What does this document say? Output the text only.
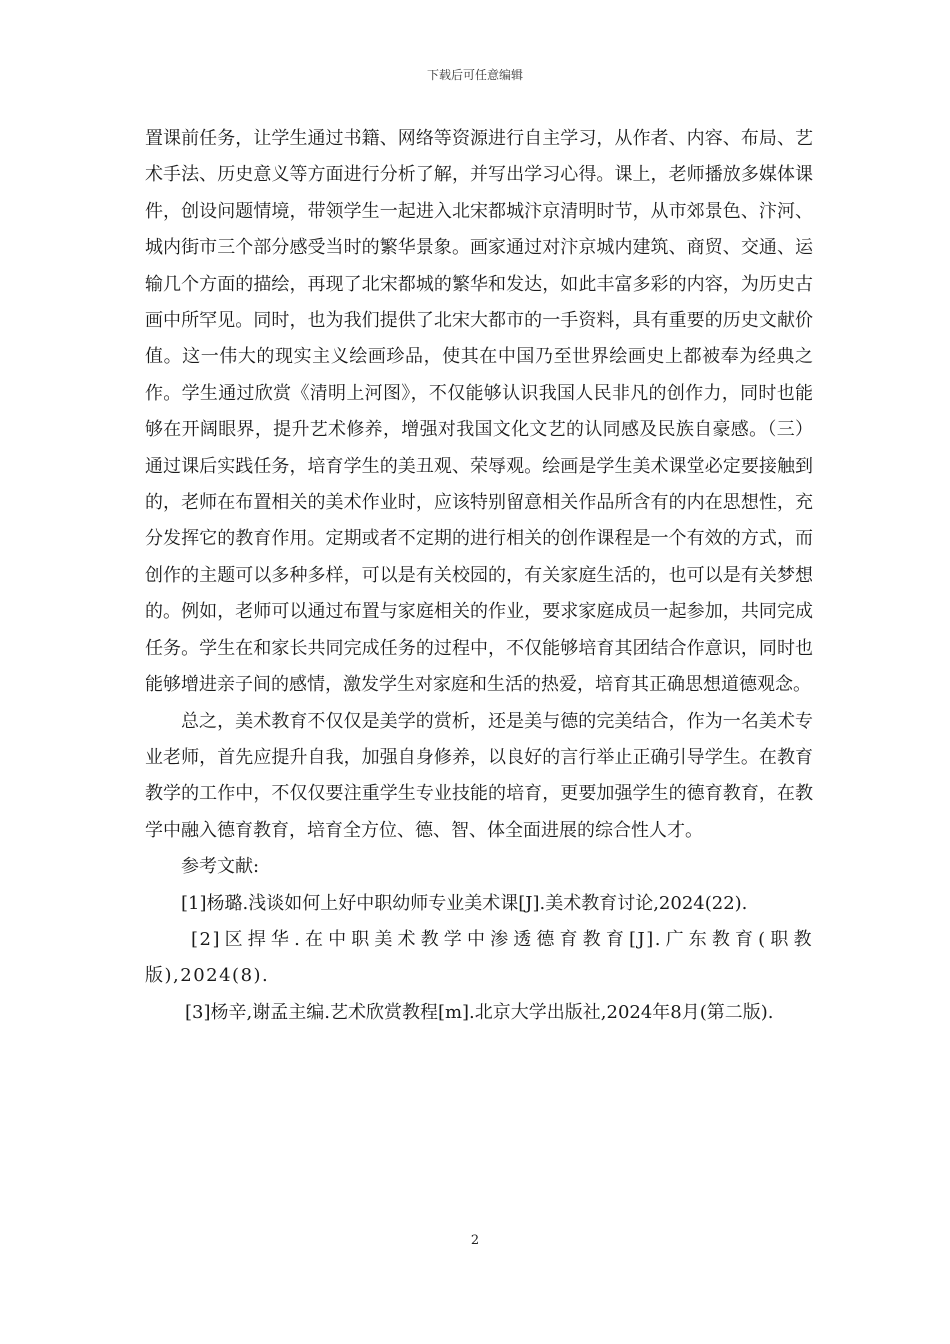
下载后可任意编辑

置课前任务，让学生通过书籍、网络等资源进行自主学习，从作者、内容、布局、艺术手法、历史意义等方面进行分析了解，并写出学习心得。课上，老师播放多媒体课件，创设问题情境，带领学生一起进入北宋都城汴京清明时节，从市郊景色、汴河、城内街市三个部分感受当时的繁华景象。画家通过对汴京城内建筑、商贸、交通、运输几个方面的描绘，再现了北宋都城的繁华和发达，如此丰富多彩的内容，为历史古画中所罕见。同时，也为我们提供了北宋大都市的一手资料，具有重要的历史文献价值。这一伟大的现实主义绘画珍品，使其在中国乃至世界绘画史上都被奉为经典之作。学生通过欣赏《清明上河图》，不仅能够认识我国人民非凡的创作力，同时也能够在开阔眼界，提升艺术修养，增强对我国文化文艺的认同感及民族自豪感。（三）通过课后实践任务，培育学生的美丑观、荣辱观。绘画是学生美术课堂必定要接触到的，老师在布置相关的美术作业时，应该特别留意相关作品所含有的内在思想性，充分发挥它的教育作用。定期或者不定期的进行相关的创作课程是一个有效的方式，而创作的主题可以多种多样，可以是有关校园的，有关家庭生活的，也可以是有关梦想的。例如，老师可以通过布置与家庭相关的作业，要求家庭成员一起参加，共同完成任务。学生在和家长共同完成任务的过程中，不仅能够培育其团结合作意识，同时也能够增进亲子间的感情，激发学生对家庭和生活的热爱，培育其正确思想道德观念。

总之，美术教育不仅仅是美学的赏析，还是美与德的完美结合，作为一名美术专业老师，首先应提升自我，加强自身修养，以良好的言行举止正确引导学生。在教育教学的工作中，不仅仅要注重学生专业技能的培育，更要加强学生的德育教育，在教学中融入德育教育，培育全方位、德、智、体全面进展的综合性人才。

参考文献:

[1]杨璐.浅谈如何上好中职幼师专业美术课[J].美术教育讨论,2024(22).

[2]区捍华.在中职美术教学中渗透德育教育[J].广东教育(职教版),2024(8).

[3]杨辛,谢孟主编.艺术欣赏教程[m].北京大学出版社,2024年8月(第二版).

2
